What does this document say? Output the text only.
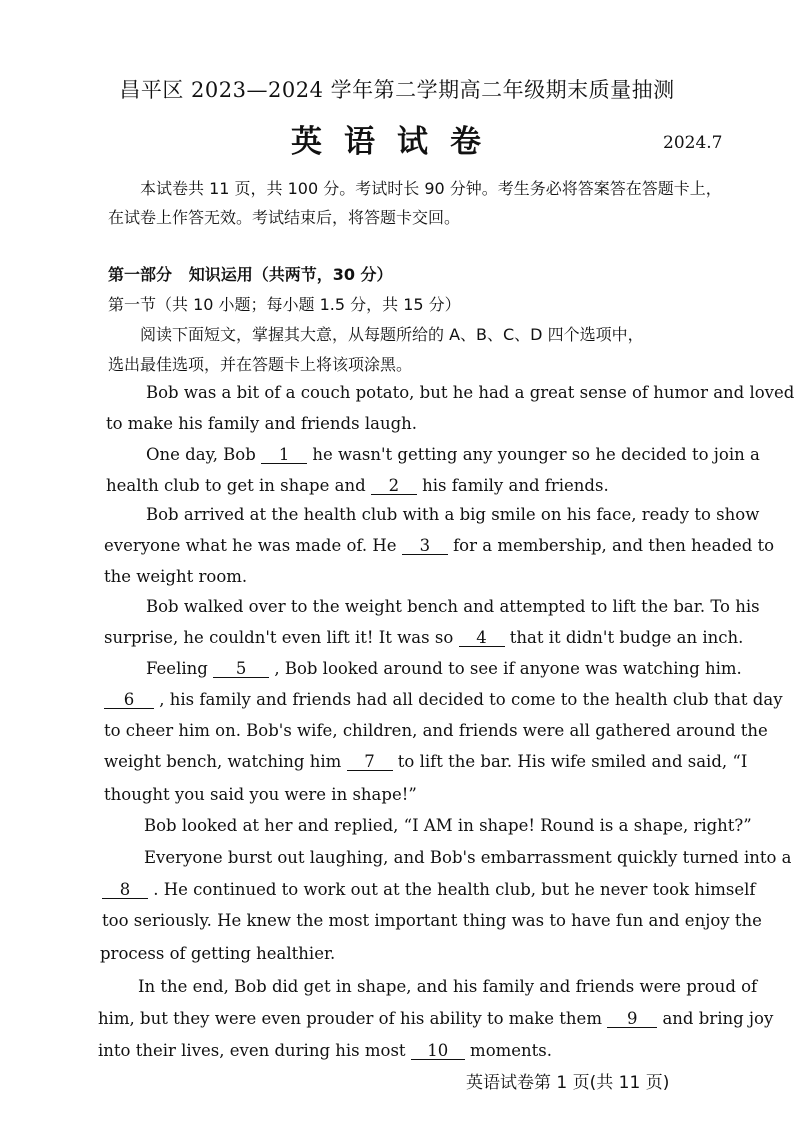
昌平区 2023—2024 学年第二学期高二年级期末质量抽测
英语试卷	2024.7
本试卷共 11 页，共 100 分。考试时长 90 分钟。考生务必将答案答在答题卡上，
在试卷上作答无效。考试结束后，将答题卡交回。
第一部分   知识运用（共两节，30 分）
第一节（共 10 小题；每小题 1.5 分，共 15 分）
阅读下面短文，掌握其大意，从每题所给的 A、B、C、D 四个选项中，
选出最佳选项，并在答题卡上将该项涂黑。
Bob was a bit of a couch potato, but he had a great sense of humor and loved
to make his family and friends laugh.
One day, Bob 1 he wasn't getting any younger so he decided to join a
health club to get in shape and 2 his family and friends.
Bob arrived at the health club with a big smile on his face, ready to show
everyone what he was made of. He 3 for a membership, and then headed to
the weight room.
Bob walked over to the weight bench and attempted to lift the bar. To his
surprise, he couldn't even lift it! It was so 4 that it didn't budge an inch.
Feeling 5 , Bob looked around to see if anyone was watching him.
6 , his family and friends had all decided to come to the health club that day
to cheer him on. Bob's wife, children, and friends were all gathered around the
weight bench, watching him 7 to lift the bar. His wife smiled and said, “I
thought you said you were in shape!”
Bob looked at her and replied, “I AM in shape! Round is a shape, right?”
Everyone burst out laughing, and Bob's embarrassment quickly turned into a
8 . He continued to work out at the health club, but he never took himself
too seriously. He knew the most important thing was to have fun and enjoy the
process of getting healthier.
In the end, Bob did get in shape, and his family and friends were proud of
him, but they were even prouder of his ability to make them 9 and bring joy
into their lives, even during his most 10 moments.
英语试卷第 1 页(共 11 页)
